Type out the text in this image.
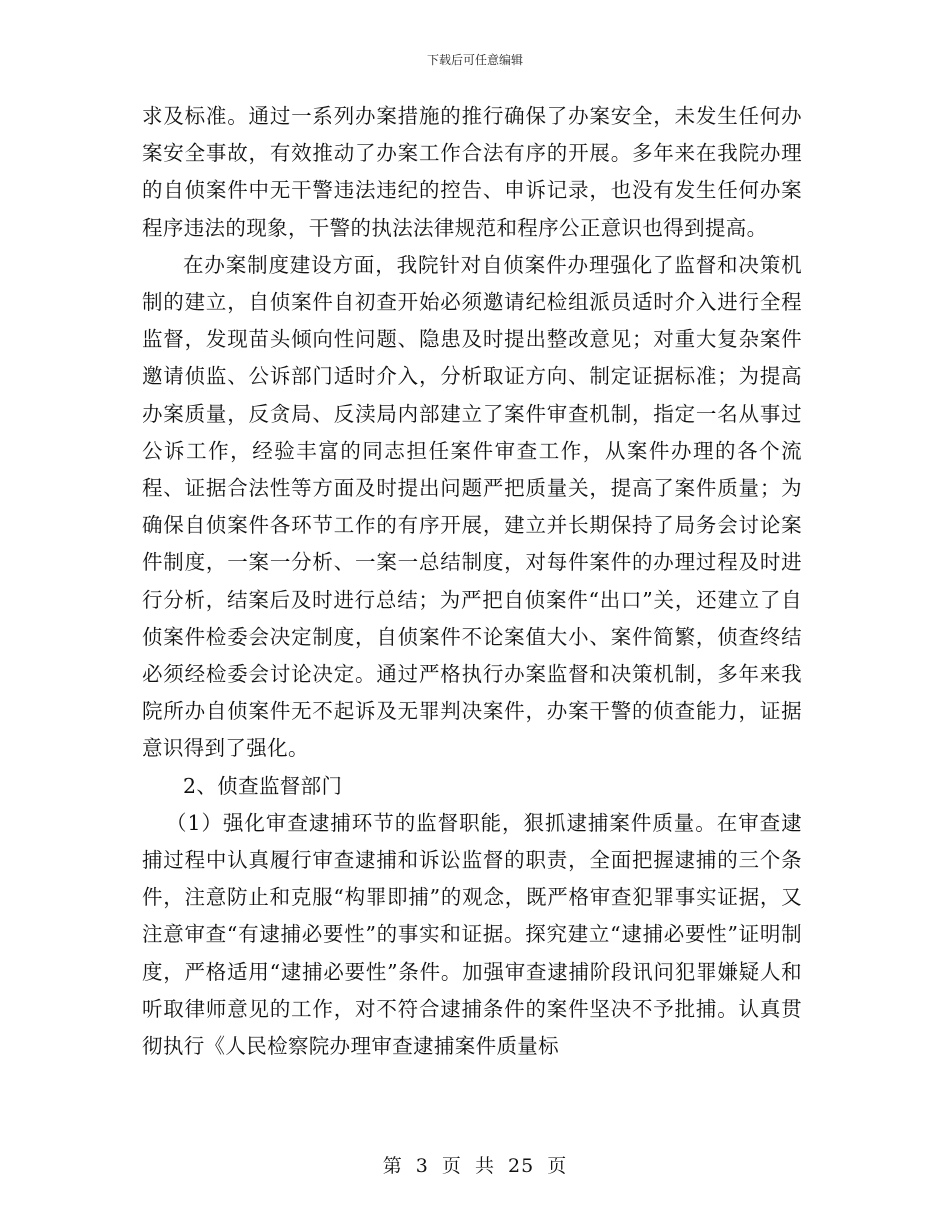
下载后可任意编辑

求及标准。通过一系列办案措施的推行确保了办案安全，未发生任何办案安全事故，有效推动了办案工作合法有序的开展。多年来在我院办理的自侦案件中无干警违法违纪的控告、申诉记录，也没有发生任何办案程序违法的现象，干警的执法法律规范和程序公正意识也得到提高。

在办案制度建设方面，我院针对自侦案件办理强化了监督和决策机制的建立，自侦案件自初查开始必须邀请纪检组派员适时介入进行全程监督，发现苗头倾向性问题、隐患及时提出整改意见；对重大复杂案件邀请侦监、公诉部门适时介入，分析取证方向、制定证据标准；为提高办案质量，反贪局、反渎局内部建立了案件审查机制，指定一名从事过公诉工作，经验丰富的同志担任案件审查工作，从案件办理的各个流程、证据合法性等方面及时提出问题严把质量关，提高了案件质量；为确保自侦案件各环节工作的有序开展，建立并长期保持了局务会讨论案件制度，一案一分析、一案一总结制度，对每件案件的办理过程及时进行分析，结案后及时进行总结；为严把自侦案件“出口”关，还建立了自侦案件检委会决定制度，自侦案件不论案值大小、案件简繁，侦查终结必须经检委会讨论决定。通过严格执行办案监督和决策机制，多年来我院所办自侦案件无不起诉及无罪判决案件，办案干警的侦查能力，证据意识得到了强化。

2、侦查监督部门

（1）强化审查逮捕环节的监督职能，狠抓逮捕案件质量。在审查逮捕过程中认真履行审查逮捕和诉讼监督的职责，全面把握逮捕的三个条件，注意防止和克服“构罪即捕”的观念，既严格审查犯罪事实证据，又注意审查“有逮捕必要性”的事实和证据。探究建立“逮捕必要性”证明制度，严格适用“逮捕必要性”条件。加强审查逮捕阶段讯问犯罪嫌疑人和听取律师意见的工作，对不符合逮捕条件的案件坚决不予批捕。认真贯彻执行《人民检察院办理审查逮捕案件质量标

第 3 页 共 25 页
